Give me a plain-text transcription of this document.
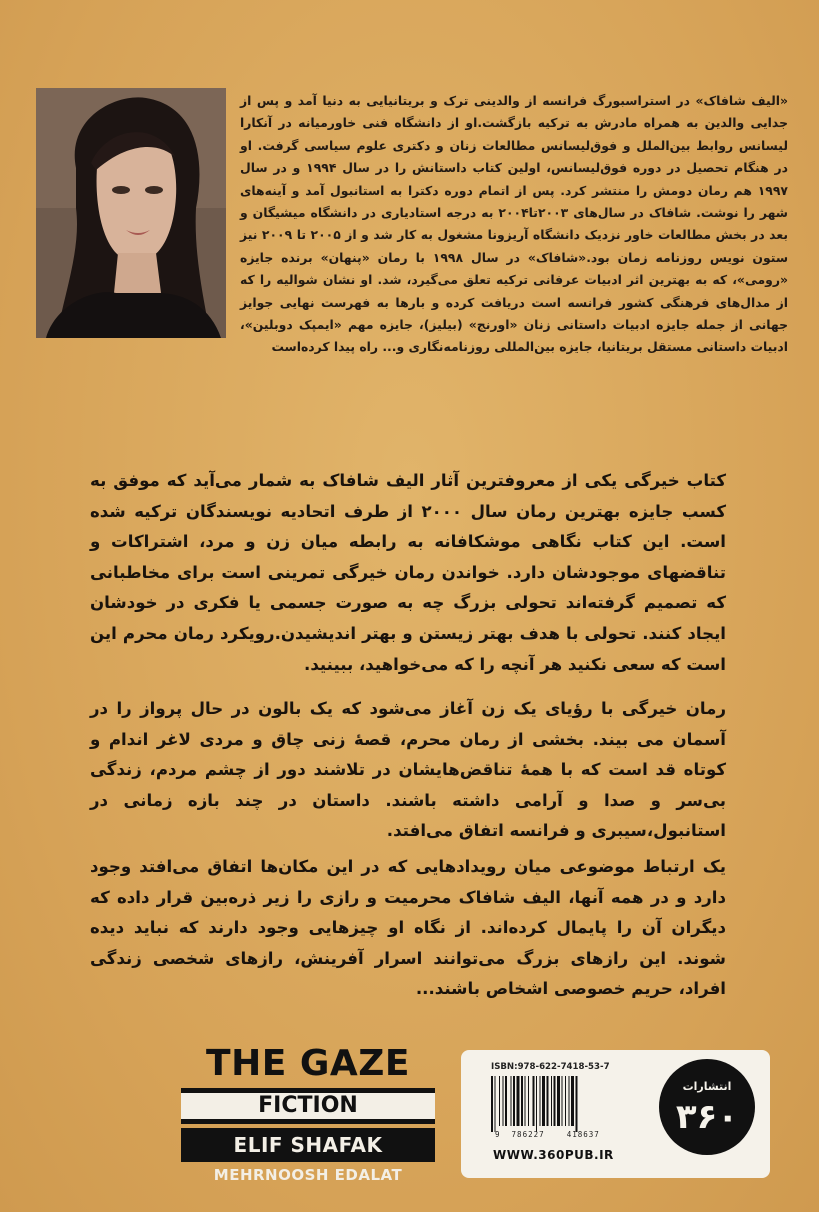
«الیف شافاک» در استراسبورگ فرانسه از والدینی ترک و بریتانیایی به دنیا آمد و پس از جدایی والدین به همراه مادرش به ترکیه بازگشت.او از دانشگاه فنی خاورمیانه در آنکارا لیسانس روابط بین‌الملل و فوق‌لیسانس مطالعات زنان و دکتری علوم سیاسی گرفت. او در هنگام تحصیل در دوره فوق‌لیسانس، اولین کتاب داستانش را در سال ۱۹۹۴ و در سال ۱۹۹۷ هم رمان دومش را منتشر کرد. پس از اتمام دوره دکترا به استانبول آمد و آینه‌های شهر را نوشت. شافاک در سال‌های ۲۰۰۳تا۲۰۰۴ به درجه استادیاری در دانشگاه میشیگان و بعد در بخش مطالعات خاور نزدیک دانشگاه آریزونا مشغول به کار شد و از ۲۰۰۵ تا ۲۰۰۹ نیز ستون نویس روزنامه زمان بود.«شافاک» در سال ۱۹۹۸ با رمان «پنهان» برنده جایزه «رومی»، که به بهترین اثر ادبیات عرفانی ترکیه تعلق می‌گیرد، شد. او نشان شوالیه را که از مدال‌های فرهنگی کشور فرانسه است دریافت کرده و بارها به فهرست نهایی جوایز جهانی از جمله جایزه ادبیات داستانی زنان «اورنج» (بیلیز)، جایزه مهم «ایمپک دوبلین»، ادبیات داستانی مستقل بریتانیا، جایزه بین‌المللی روزنامه‌نگاری و... راه پیدا کرده‌است
کتاب خیرگی یکی از معروفترین آثار الیف شافاک به شمار می‌آید که موفق به کسب جایزه بهترین رمان سال ۲۰۰۰ از طرف اتحادیه نویسندگان ترکیه شده است. این کتاب نگاهی موشکافانه به رابطه میان زن و مرد، اشتراکات و تناقضهای موجودشان دارد. خواندن رمان خیرگی تمرینی است برای مخاطبانی که تصمیم گرفته‌اند تحولی بزرگ چه به صورت جسمی یا فکری در خودشان ایجاد کنند. تحولی با هدف بهتر زیستن و بهتر اندیشیدن.رویکرد رمان محرم این است که سعی نکنید هر آنچه را که می‌خواهید، ببینید.
رمان خیرگی با رؤیای یک زن آغاز می‌شود که یک بالون در حال پرواز را در آسمان می بیند. بخشی از رمان محرم، قصهٔ زنی چاق و مردی لاغر اندام و کوتاه قد است که با همهٔ تناقض‌هایشان در تلاشند دور از چشم مردم، زندگی بی‌سر و صدا و آرامی داشته باشند. داستان در چند بازه زمانی در استانبول،سیبری و فرانسه اتفاق می‌افتد.
یک ارتباط موضوعی میان رویدادهایی که در این مکان‌ها اتفاق می‌افتد وجود دارد و در همه آنها، الیف شافاک محرمیت و رازی را زیر ذره‌بین قرار داده که دیگران آن را پایمال کرده‌اند. از نگاه او چیزهایی وجود دارند که نباید دیده شوند. این رازهای بزرگ می‌توانند اسرار آفرینش، رازهای شخصی زندگی افراد، حریم خصوصی اشخاص باشند...
THE GAZE
FICTION
ELIF SHAFAK
MEHRNOOSH EDALAT
ISBN:978-622-7418-53-7
9 786227	418637
WWW.360PUB.IR
انتشارات
۳۶۰
